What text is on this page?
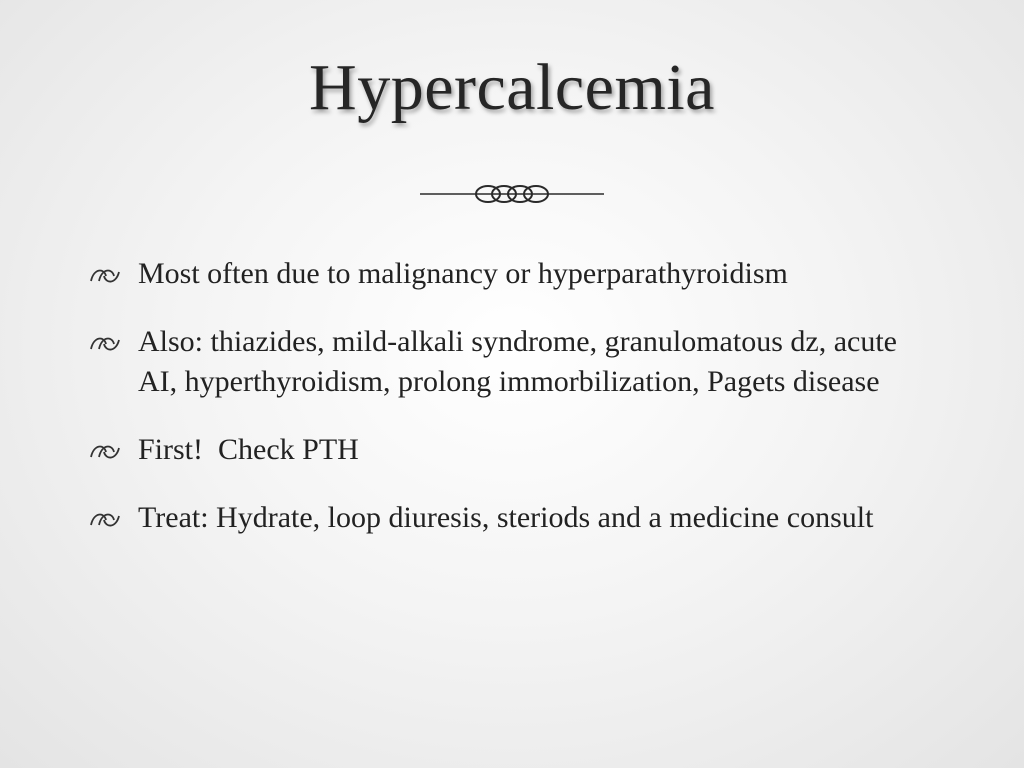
Hypercalcemia
Most often due to malignancy or hyperparathyroidism
Also: thiazides, mild-alkali syndrome, granulomatous dz, acute AI, hyperthyroidism, prolong immorbilization, Pagets disease
First!  Check PTH
Treat: Hydrate, loop diuresis, steriods and a medicine consult
